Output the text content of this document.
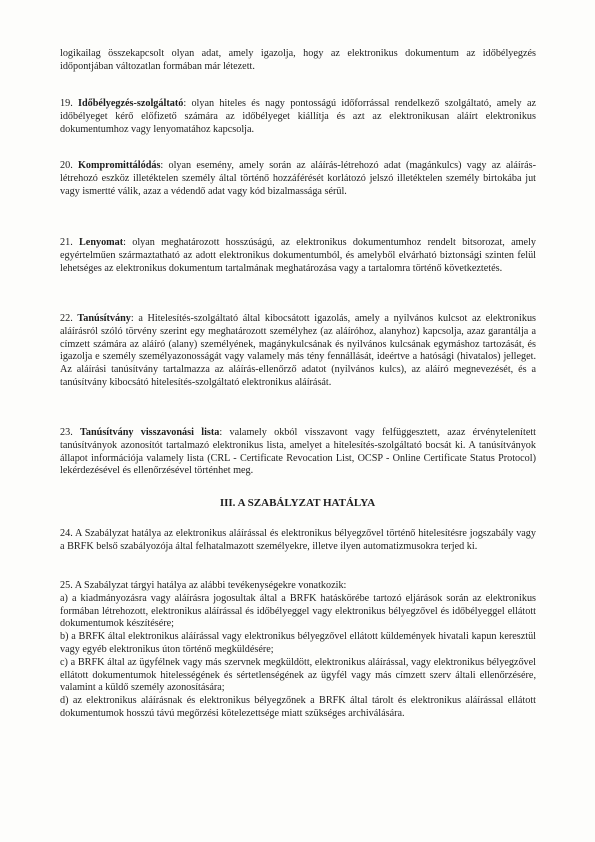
logikailag összekapcsolt olyan adat, amely igazolja, hogy az elektronikus dokumentum az időbélyegzés időpontjában változatlan formában már létezett.

19. Időbélyegzés-szolgáltató: olyan hiteles és nagy pontosságú időforrással rendelkező szolgáltató, amely az időbélyeget kérő előfizető számára az időbélyeget kiállítja és azt az elektronikusan aláírt elektronikus dokumentumhoz vagy lenyomatához kapcsolja.

20. Kompromittálódás: olyan esemény, amely során az aláírás-létrehozó adat (magánkulcs) vagy az aláírás-létrehozó eszköz illetéktelen személy által történő hozzáférését korlátozó jelszó illetéktelen személy birtokába jut vagy ismertté válik, azaz a védendő adat vagy kód bizalmassága sérül.

21. Lenyomat: olyan meghatározott hosszúságú, az elektronikus dokumentumhoz rendelt bitsorozat, amely egyértelműen származtatható az adott elektronikus dokumentumból, és amelyből elvárható biztonsági szinten felül lehetséges az elektronikus dokumentum tartalmának meghatározása vagy a tartalomra történő következtetés.

22. Tanúsítvány: a Hitelesítés-szolgáltató által kibocsátott igazolás, amely a nyilvános kulcsot az elektronikus aláírásról szóló törvény szerint egy meghatározott személyhez (az aláíróhoz, alanyhoz) kapcsolja, azaz garantálja a címzett számára az aláíró (alany) személyének, magánykulcsának és nyilvános kulcsának egymáshoz tartozását, és igazolja e személy személyazonosságát vagy valamely más tény fennállását, ideértve a hatósági (hivatalos) jelleget. Az aláírási tanúsítvány tartalmazza az aláírás-ellenőrző adatot (nyilvános kulcs), az aláíró megnevezését, és a tanúsítvány kibocsátó hitelesítés-szolgáltató elektronikus aláírását.

23. Tanúsítvány visszavonási lista: valamely okból visszavont vagy felfüggesztett, azaz érvénytelenített tanúsítványok azonosítót tartalmazó elektronikus lista, amelyet a hitelesítés-szolgáltató bocsát ki. A tanúsítványok állapot információja valamely lista (CRL - Certificate Revocation List, OCSP - Online Certificate Status Protocol) lekérdezésével és ellenőrzésével történhet meg.

III. A SZABÁLYZAT HATÁLYA

24. A Szabályzat hatálya az elektronikus aláírással és elektronikus bélyegzővel történő hitelesítésre jogszabály vagy a BRFK belső szabályozója által felhatalmazott személyekre, illetve ilyen automatizmusokra terjed ki.

25. A Szabályzat tárgyi hatálya az alábbi tevékenységekre vonatkozik:
a) a kiadmányozásra vagy aláírásra jogosultak által a BRFK hatáskörébe tartozó eljárások során az elektronikus formában létrehozott, elektronikus aláírással és időbélyeggel vagy elektronikus bélyegzővel és időbélyeggel ellátott dokumentumok készítésére;
b) a BRFK által elektronikus aláírással vagy elektronikus bélyegzővel ellátott küldemények hivatali kapun keresztül vagy egyéb elektronikus úton történő megküldésére;
c) a BRFK által az ügyfélnek vagy más szervnek megküldött, elektronikus aláírással, vagy elektronikus bélyegzővel ellátott dokumentumok hitelességének és sértetlenségének az ügyfél vagy más címzett szerv általi ellenőrzésére, valamint a küldő személy azonosítására;
d) az elektronikus aláírásnak és elektronikus bélyegzőnek a BRFK által tárolt és elektronikus aláírással ellátott dokumentumok hosszú távú megőrzési kötelezettsége miatt szükséges archiválására.
